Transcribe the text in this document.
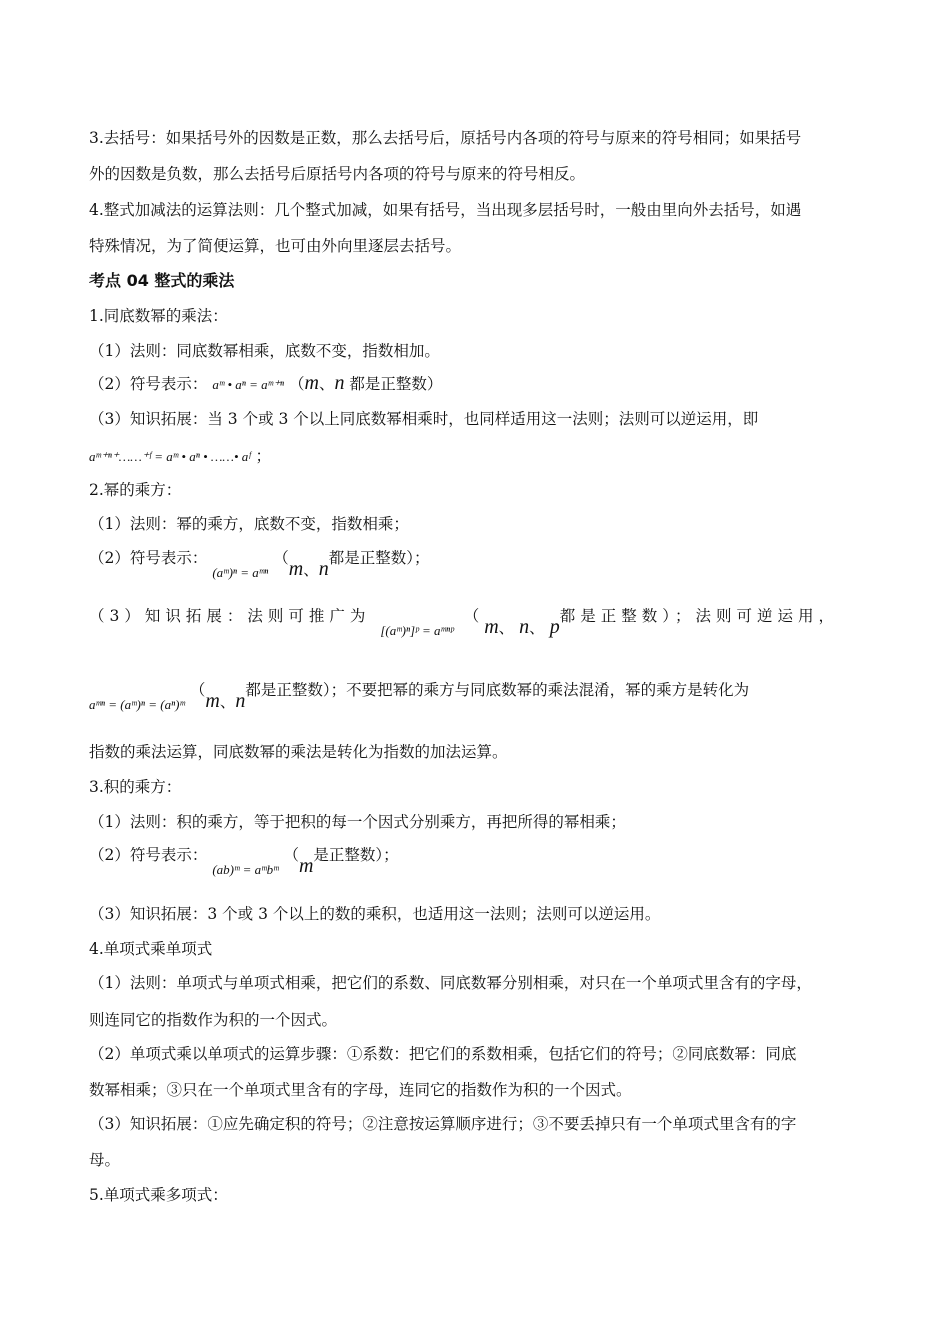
3.去括号：如果括号外的因数是正数，那么去括号后，原括号内各项的符号与原来的符号相同；如果括号
外的因数是负数，那么去括号后原括号内各项的符号与原来的符号相反。
4.整式加减法的运算法则：几个整式加减，如果有括号，当出现多层括号时，一般由里向外去括号，如遇
特殊情况，为了简便运算，也可由外向里逐层去括号。
考点 04 整式的乘法
1.同底数幂的乘法：
（1）法则：同底数幂相乘，底数不变，指数相加。
（2）符号表示： aᵐ • aⁿ = aᵐ⁺ⁿ （m、n 都是正整数）
（3）知识拓展：当 3 个或 3 个以上同底数幂相乘时，也同样适用这一法则；法则可以逆运用，即
aᵐ⁺ⁿ⁺……⁺ᶠ = aᵐ • aⁿ • ……• aᶠ ；
2.幂的乘方：
（1）法则：幂的乘方，底数不变，指数相乘；
（2）符号表示： $_{(aᵐ)^n = aᵐ^n}$ （m、n都是正整数）；
（3）知识拓展：法则可推广为 $_{[(aᵐ)^n]ᵖ = aᵐ^nᵖ}$ （m、n、p都是正整数）；法则可逆运用，
$_{aᵐ^n = (aᵐ)^n = (a^n)ᵐ}$ （m、n都是正整数）；不要把幂的乘方与同底数幂的乘法混淆，幂的乘方是转化为
指数的乘法运算，同底数幂的乘法是转化为指数的加法运算。
3.积的乘方：
（1）法则：积的乘方，等于把积的每一个因式分别乘方，再把所得的幂相乘；
（2）符号表示： $_{(ab)ᵐ = aᵐbᵐ}$ （m是正整数）；
（3）知识拓展：3 个或 3 个以上的数的乘积，也适用这一法则；法则可以逆运用。
4.单项式乘单项式
（1）法则：单项式与单项式相乘，把它们的系数、同底数幂分别相乘，对只在一个单项式里含有的字母，
则连同它的指数作为积的一个因式。
（2）单项式乘以单项式的运算步骤：①系数：把它们的系数相乘，包括它们的符号；②同底数幂：同底
数幂相乘；③只在一个单项式里含有的字母，连同它的指数作为积的一个因式。
（3）知识拓展：①应先确定积的符号；②注意按运算顺序进行；③不要丢掉只有一个单项式里含有的字
母。
5.单项式乘多项式：
